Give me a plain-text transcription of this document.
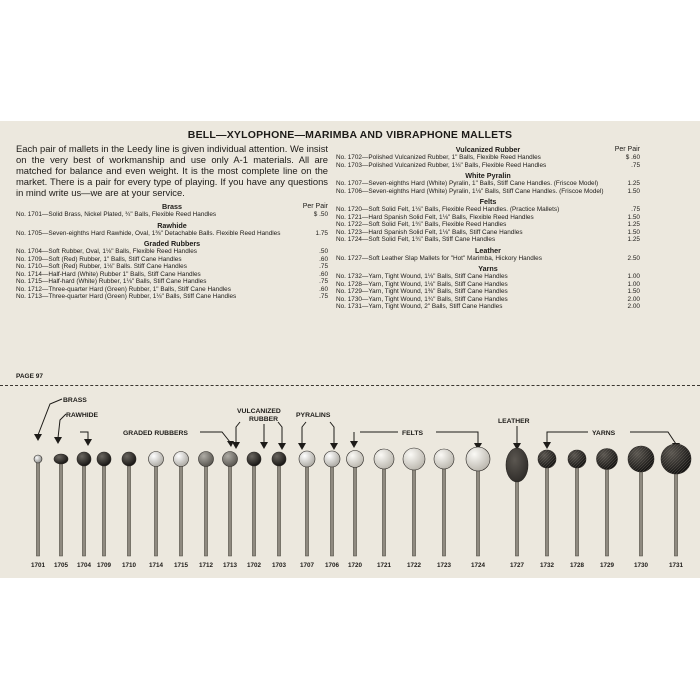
BELL—XYLOPHONE—MARIMBA AND VIBRAPHONE MALLETS

Each pair of mallets in the Leedy line is given individual attention. We insist on the very best of workmanship and use only A-1 materials. All are matched for balance and even weight. It is the most complete line on the market. There is a pair for every type of playing. If you have any questions in mind write us—we are at your service.

Brass	Per Pair
No. 1701—Solid Brass, Nickel Plated, ¾" Balls, Flexible Reed Handles	$ .50
Rawhide
No. 1705—Seven-eighths Hard Rawhide, Oval, 1⅜" Detachable Balls. Flexible Reed Handles	1.75
Graded Rubbers
No. 1704—Soft Rubber, Oval, 1⅛" Balls, Flexible Reed Handles	.50
No. 1709—Soft (Red) Rubber, 1" Balls, Stiff Cane Handles	.60
No. 1710—Soft (Red) Rubber, 1⅛" Balls. Stiff Cane Handles	.75
No. 1714—Half-Hard (White) Rubber 1" Balls, Stiff Cane Handles	.60
No. 1715—Half-hard (White) Rubber, 1⅛" Balls, Stiff Cane Handles	.75
No. 1712—Three-quarter Hard (Green) Rubber, 1" Balls, Stiff Cane Handles	.60
No. 1713—Three-quarter Hard (Green) Rubber, 1⅛" Balls, Stiff Cane Handles	.75
Vulcanized Rubber	Per Pair
No. 1702—Polished Vulcanized Rubber, 1" Balls, Flexible Reed Handles	$ .60
No. 1703—Polished Vulcanized Rubber, 1⅛" Balls, Flexible Reed Handles	.75
White Pyralin
No. 1707—Seven-eighths Hard (White) Pyralin, 1" Balls, Stiff Cane Handles. (Friscoe Model)	1.25
No. 1706—Seven-eighths Hard (White) Pyralin, 1⅛" Balls, Stiff Cane Handles. (Friscoe Model)	1.50
Felts
No. 1720—Soft Solid Felt, 1⅛" Balls, Flexible Reed Handles. (Practice Mallets)	.75
No. 1721—Hard Spanish Solid Felt, 1⅛" Balls, Flexible Reed Handles	1.50
No. 1722—Soft Solid Felt, 1¾" Balls, Flexible Reed Handles	1.25
No. 1723—Hard Spanish Solid Felt, 1⅛" Balls, Stiff Cane Handles	1.50
No. 1724—Soft Solid Felt, 1¾" Balls, Stiff Cane Handles	1.25
Leather
No. 1727—Soft Leather Slap Mallets for "Hot" Marimba, Hickory Handles	2.50
Yarns
No. 1732—Yarn, Tight Wound, 1⅛" Balls, Stiff Cane Handles	1.00
No. 1728—Yarn, Tight Wound, 1⅛" Balls, Stiff Cane Handles	1.00
No. 1729—Yarn, Tight Wound, 1⅜" Balls, Stiff Cane Handles	1.50
No. 1730—Yarn, Tight Wound, 1¾" Balls, Stiff Cane Handles	2.00
No. 1731—Yarn, Tight Wound, 2" Balls, Stiff Cane Handles	2.00
PAGE 97
BRASS
RAWHIDE
GRADED RUBBERS
VULCANIZED
RUBBER
PYRALINS
FELTS
LEATHER
YARNS
1701 1705 1704 1709 1710 1714 1715 1712 1713 1702 1703 1707 1706 1720 1721	1722	1723	1724	1727	1732	1728	1729	1730	1731
